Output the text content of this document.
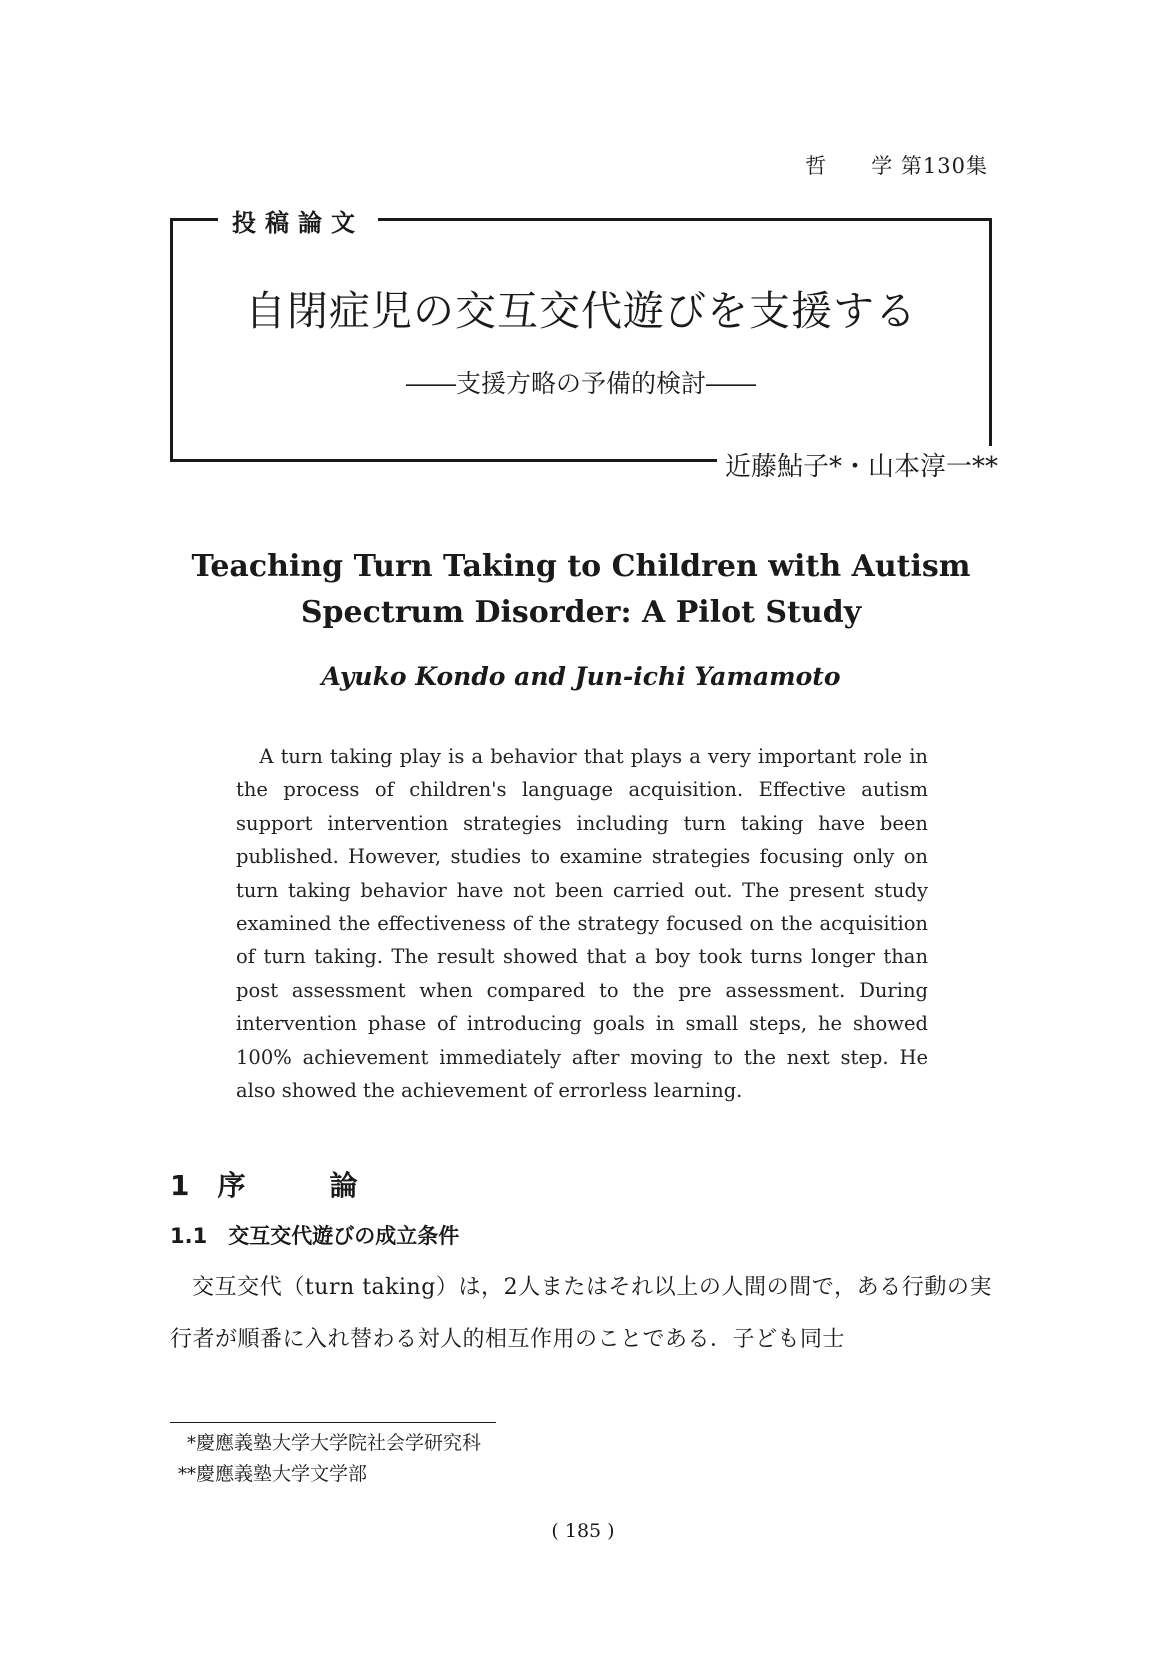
哲　　学 第130集
投稿論文
自閉症児の交互交代遊びを支援する
――支援方略の予備的検討――
近藤鮎子*・山本淳一**
Teaching Turn Taking to Children with Autism
Spectrum Disorder: A Pilot Study
Ayuko Kondo and Jun-ichi Yamamoto
A turn taking play is a behavior that plays a very important role in the process of children's language acquisition. Effective autism support intervention strategies including turn taking have been published. However, studies to examine strategies focusing only on turn taking behavior have not been carried out. The present study examined the effectiveness of the strategy focused on the acquisition of turn taking. The result showed that a boy took turns longer than post assessment when compared to the pre assessment. During intervention phase of introducing goals in small steps, he showed 100% achievement immediately after moving to the next step. He also showed the achievement of errorless learning.
1　序　　　論
1.1　交互交代遊びの成立条件
交互交代（turn taking）は，2人またはそれ以上の人間の間で，ある行動の実行者が順番に入れ替わる対人的相互作用のことである．子ども同士
*慶應義塾大学大学院社会学研究科
**慶應義塾大学文学部
( 185 )
